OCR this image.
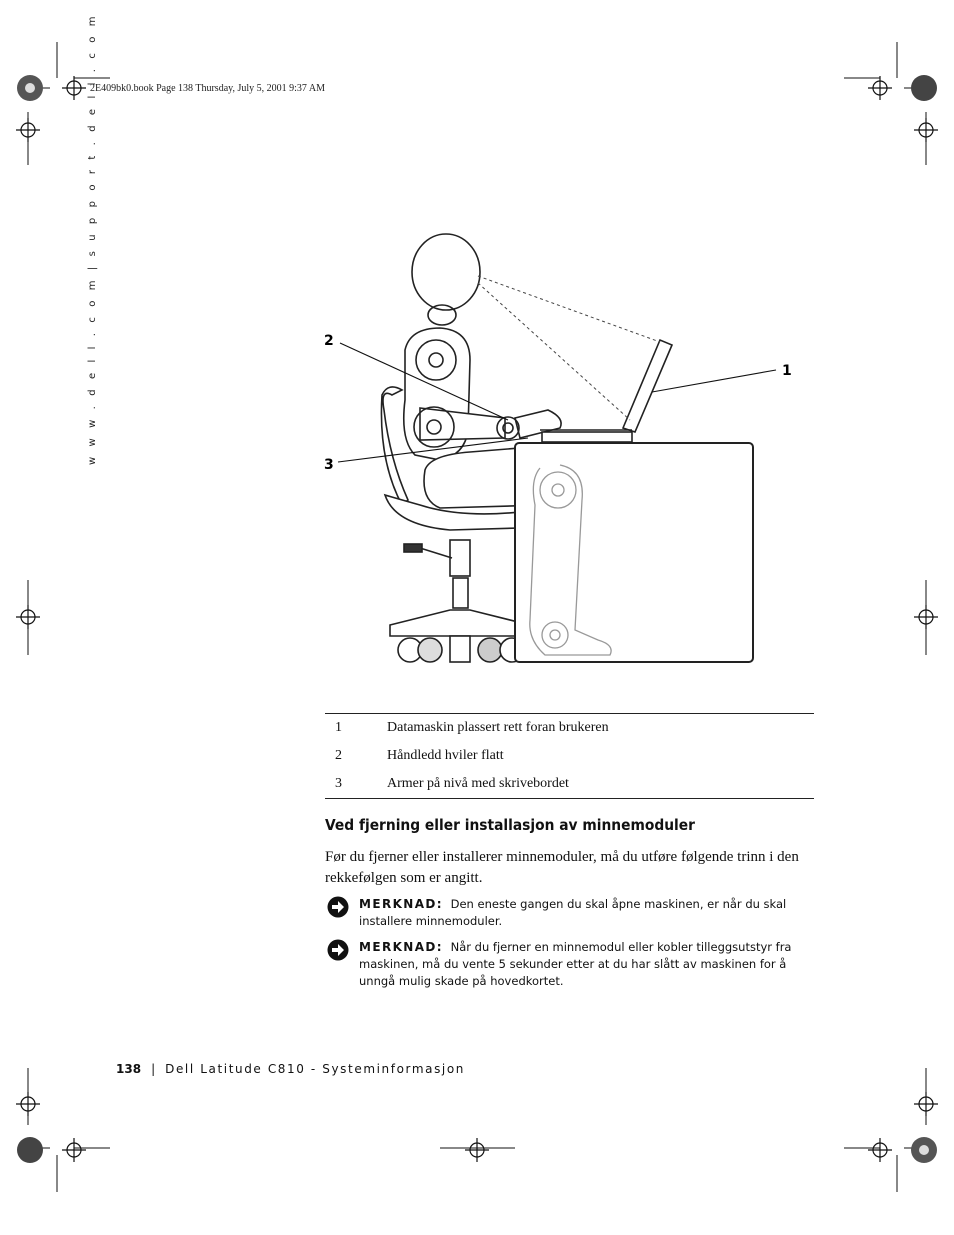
2E409bk0.book Page 138 Thursday, July 5, 2001 9:37 AM
w w w . d e l l . c o m | s u p p o r t . d e l l . c o m	1
2
3
1	Datamaskin plassert rett foran brukeren
2	Håndledd hviler flatt
3	Armer på nivå med skrivebordet
Ved fjerning eller installasjon av minnemoduler
Før du fjerner eller installerer minnemoduler, må du utføre følgende trinn i den rekkefølgen som er angitt.
MERKNAD: Den eneste gangen du skal åpne maskinen, er når du skal installere minnemoduler.
MERKNAD: Når du fjerner en minnemodul eller kobler tilleggsutstyr fra maskinen, må du vente 5 sekunder etter at du har slått av maskinen for å unngå mulig skade på hovedkortet.
138 | Dell Latitude C810 - Systeminformasjon
